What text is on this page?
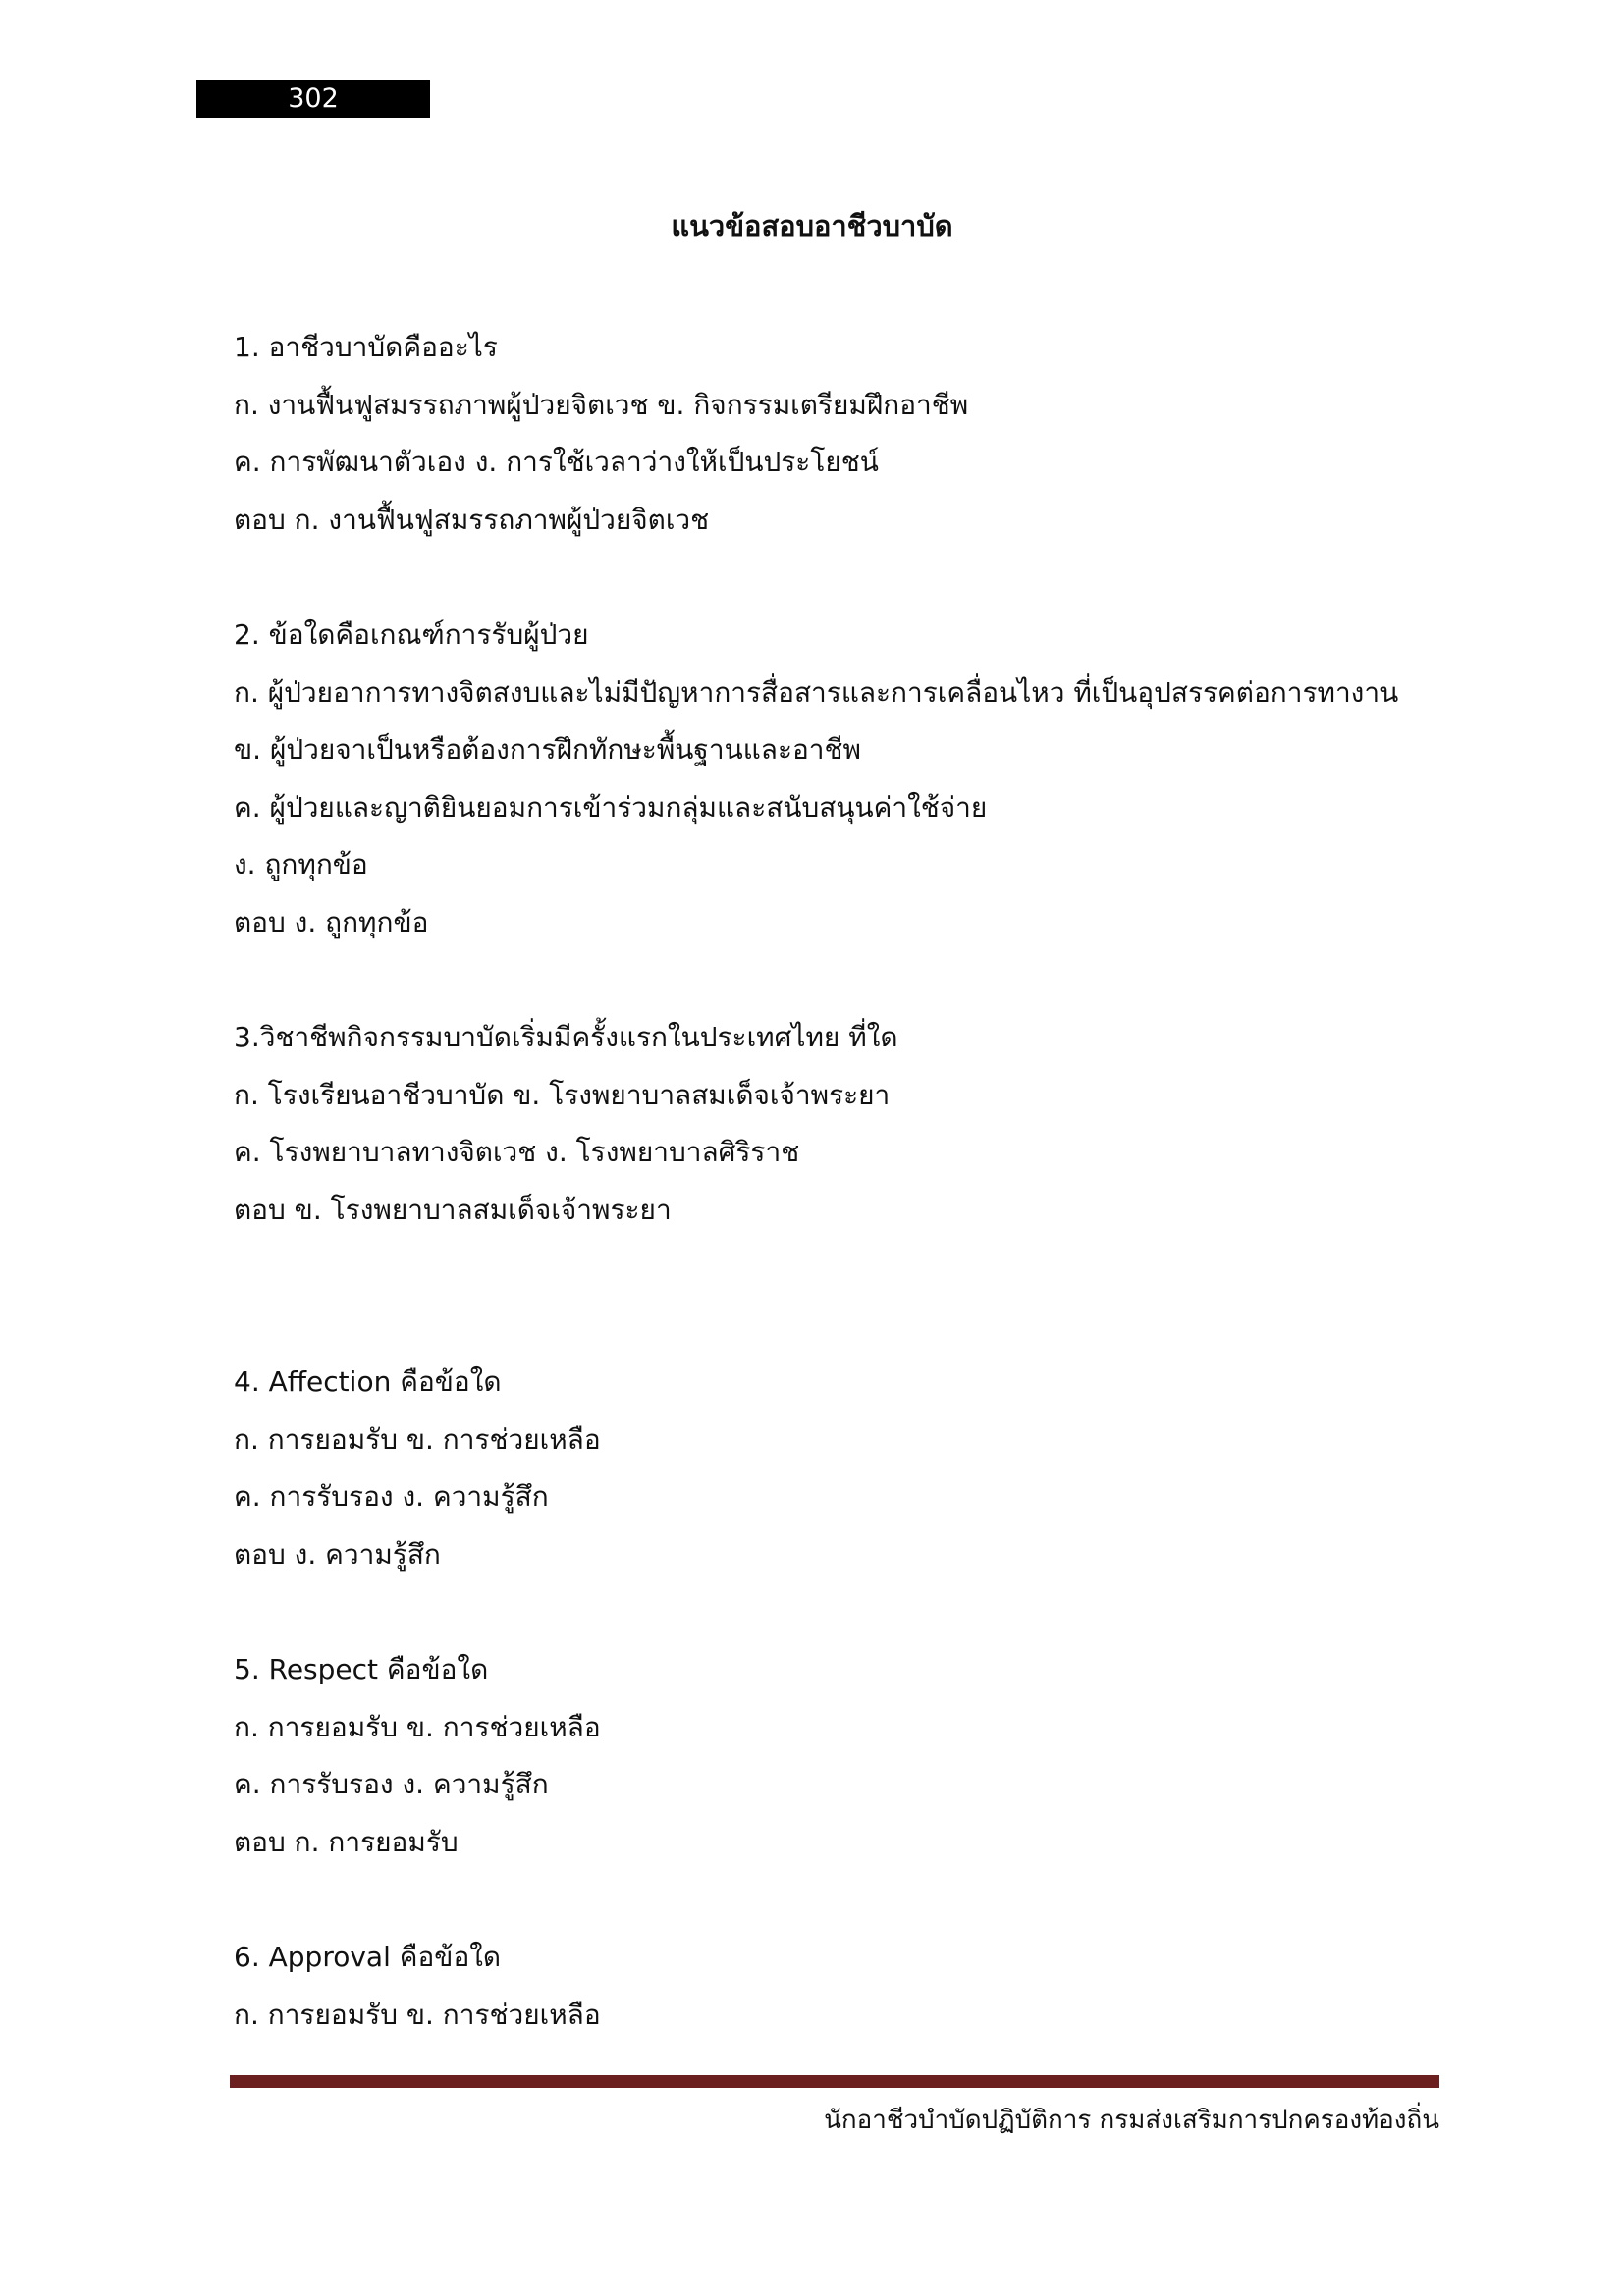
302
แนวข้อสอบอาชีวบาบัด
1. อาชีวบาบัดคืออะไร
ก. งานฟื้นฟูสมรรถภาพผู้ป่วยจิตเวช ข. กิจกรรมเตรียมฝึกอาชีพ
ค. การพัฒนาตัวเอง ง. การใช้เวลาว่างให้เป็นประโยชน์
ตอบ ก. งานฟื้นฟูสมรรถภาพผู้ป่วยจิตเวช
2. ข้อใดคือเกณฑ์การรับผู้ป่วย
ก. ผู้ป่วยอาการทางจิตสงบและไม่มีปัญหาการสื่อสารและการเคลื่อนไหว ที่เป็นอุปสรรคต่อการทางาน
ข. ผู้ป่วยจาเป็นหรือต้องการฝึกทักษะพื้นฐานและอาชีพ
ค. ผู้ป่วยและญาติยินยอมการเข้าร่วมกลุ่มและสนับสนุนค่าใช้จ่าย
ง. ถูกทุกข้อ
ตอบ ง. ถูกทุกข้อ
3.วิชาชีพกิจกรรมบาบัดเริ่มมีครั้งแรกในประเทศไทย ที่ใด
ก. โรงเรียนอาชีวบาบัด ข. โรงพยาบาลสมเด็จเจ้าพระยา
ค. โรงพยาบาลทางจิตเวช ง. โรงพยาบาลศิริราช
ตอบ ข. โรงพยาบาลสมเด็จเจ้าพระยา
4. Affection คือข้อใด
ก. การยอมรับ ข. การช่วยเหลือ
ค. การรับรอง ง. ความรู้สึก
ตอบ ง. ความรู้สึก
5. Respect คือข้อใด
ก. การยอมรับ ข. การช่วยเหลือ
ค. การรับรอง ง. ความรู้สึก
ตอบ ก. การยอมรับ
6. Approval คือข้อใด
ก. การยอมรับ ข. การช่วยเหลือ
นักอาชีวบำบัดปฏิบัติการ กรมส่งเสริมการปกครองท้องถิ่น
